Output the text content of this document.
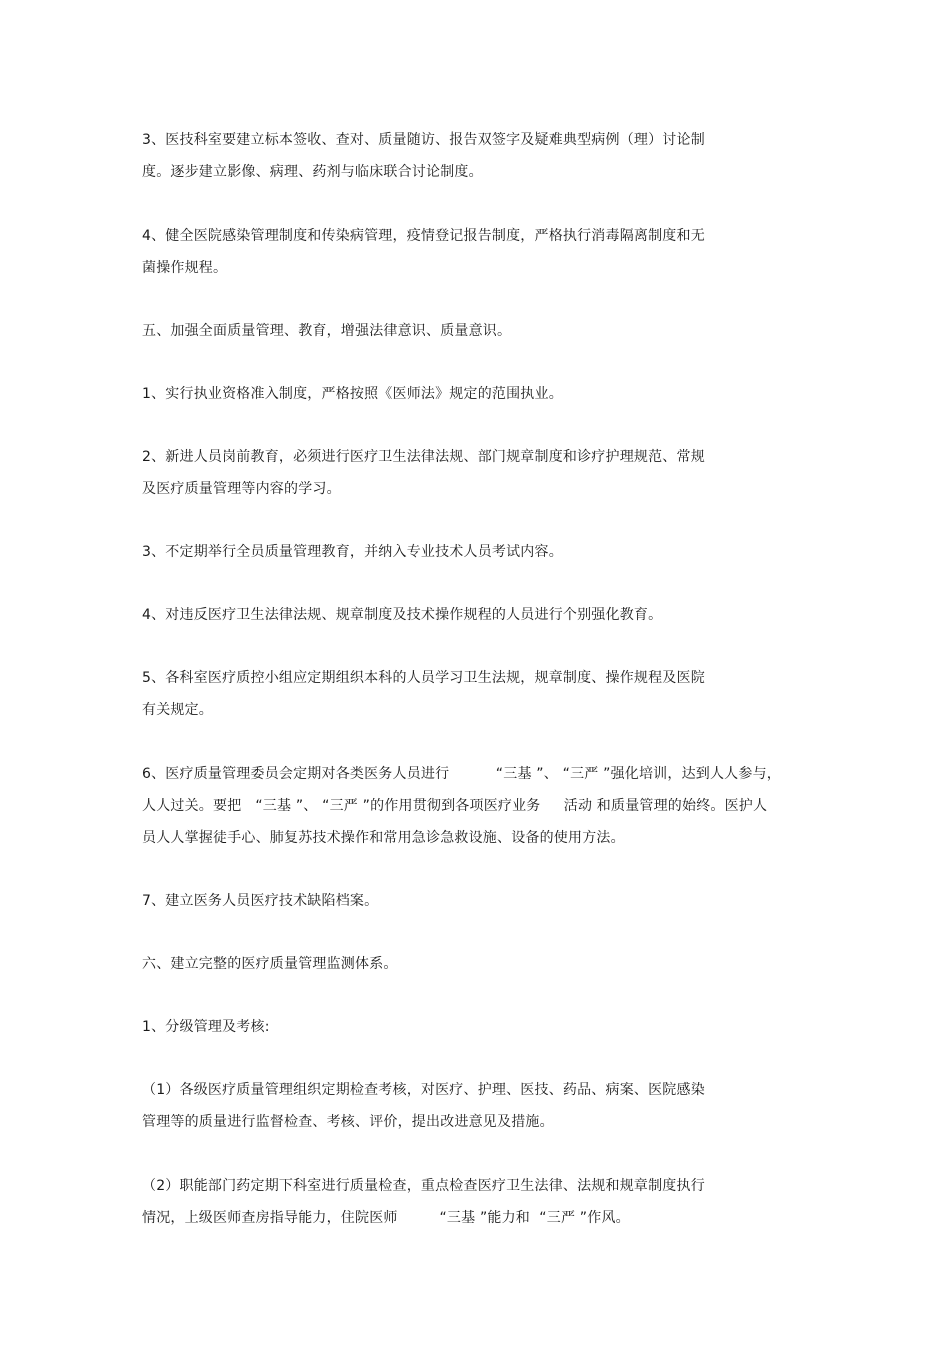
3、医技科室要建立标本签收、查对、质量随访、报告双签字及疑难典型病例（理）讨论制
度。逐步建立影像、病理、药剂与临床联合讨论制度。
4、健全医院感染管理制度和传染病管理，疫情登记报告制度，严格执行消毒隔离制度和无
菌操作规程。
五、加强全面质量管理、教育，增强法律意识、质量意识。
1、实行执业资格准入制度，严格按照《医师法》规定的范围执业。
2、新进人员岗前教育，必须进行医疗卫生法律法规、部门规章制度和诊疗护理规范、常规
及医疗质量管理等内容的学习。
3、不定期举行全员质量管理教育，并纳入专业技术人员考试内容。
4、对违反医疗卫生法律法规、规章制度及技术操作规程的人员进行个别强化教育。
5、各科室医疗质控小组应定期组织本科的人员学习卫生法规，规章制度、操作规程及医院
有关规定。
6、医疗质量管理委员会定期对各类医务人员进行          “三基 ”、 “三严 ”强化培训，达到人人参与，
人人过关。要把   “三基 ”、 “三严 ”的作用贯彻到各项医疗业务     活动 和质量管理的始终。医护人
员人人掌握徒手心、肺复苏技术操作和常用急诊急救设施、设备的使用方法。
7、建立医务人员医疗技术缺陷档案。
六、建立完整的医疗质量管理监测体系。
1、分级管理及考核:
（1）各级医疗质量管理组织定期检查考核，对医疗、护理、医技、药品、病案、医院感染
管理等的质量进行监督检查、考核、评价，提出改进意见及措施。
（2）职能部门药定期下科室进行质量检查，重点检查医疗卫生法律、法规和规章制度执行
情况，上级医师查房指导能力，住院医师         “三基 ”能力和  “三严 ”作风。
